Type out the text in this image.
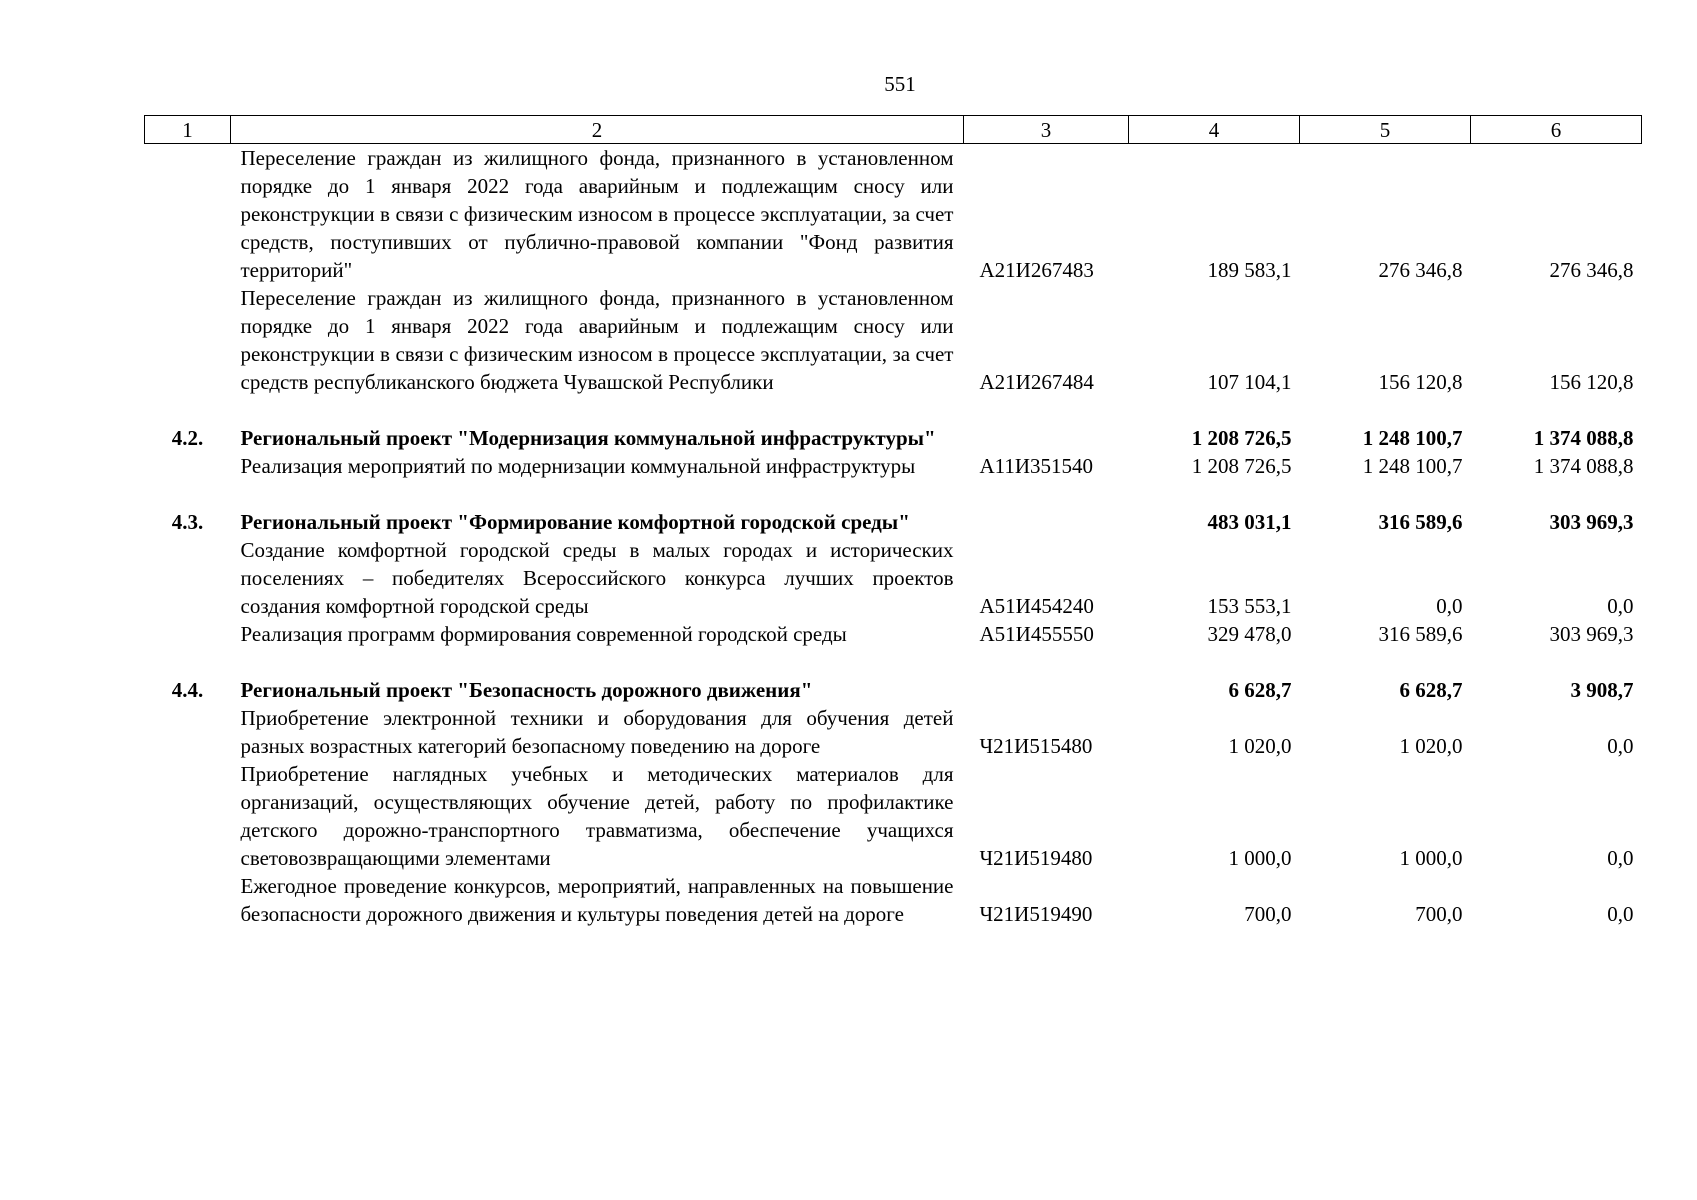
551
1	2	3	4	5	6
	Переселение граждан из жилищного фонда, признанного в установленном порядке до 1 января 2022 года аварийным и подлежащим сносу или реконструкции в связи с физическим износом в процессе эксплуатации, за счет средств, поступивших от публично-правовой компании "Фонд развития территорий"	А21И267483	189 583,1	276 346,8	276 346,8
	Переселение граждан из жилищного фонда, признанного в установленном порядке до 1 января 2022 года аварийным и подлежащим сносу или реконструкции в связи с физическим износом в процессе эксплуатации, за счет средств республиканского бюджета Чувашской Республики	А21И267484	107 104,1	156 120,8	156 120,8

4.2.	Региональный проект "Модернизация коммунальной инфраструктуры"		1 208 726,5	1 248 100,7	1 374 088,8
	Реализация мероприятий по модернизации коммунальной инфраструктуры	А11И351540	1 208 726,5	1 248 100,7	1 374 088,8

4.3.	Региональный проект "Формирование комфортной городской среды"		483 031,1	316 589,6	303 969,3
	Создание комфортной городской среды в малых городах и исторических поселениях – победителях Всероссийского конкурса лучших проектов создания комфортной городской среды	А51И454240	153 553,1	0,0	0,0
	Реализация программ формирования современной городской среды	А51И455550	329 478,0	316 589,6	303 969,3

4.4.	Региональный проект "Безопасность дорожного движения"		6 628,7	6 628,7	3 908,7
	Приобретение электронной техники и оборудования для обучения детей разных возрастных категорий безопасному поведению на дороге	Ч21И515480	1 020,0	1 020,0	0,0
	Приобретение наглядных учебных и методических материалов для организаций, осуществляющих обучение детей, работу по профилактике детского дорожно-транспортного травматизма, обеспечение учащихся световозвращающими элементами	Ч21И519480	1 000,0	1 000,0	0,0
	Ежегодное проведение конкурсов, мероприятий, направленных на повышение безопасности дорожного движения и культуры поведения детей на дороге	Ч21И519490	700,0	700,0	0,0
